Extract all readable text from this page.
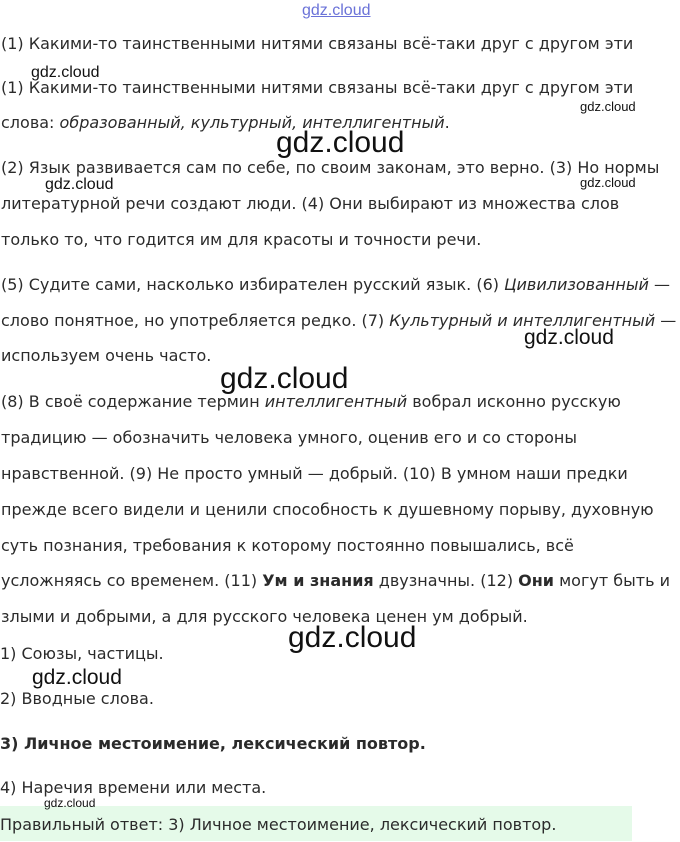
gdz.cloud
gdz.cloud
gdz.cloud
gdz.cloud
gdz.cloud	gdz.cloud
gdz.cloud
gdz.cloud
gdz.cloud
gdz.cloud
(1) Какими-то таинственными нитями связаны всё-таки друг с другом эти
(1) Какими-то таинственными нитями связаны всё-таки друг с другом эти
слова: образованный, культурный, интеллигентный.
(2) Язык развивается сам по себе, по своим законам, это верно. (3) Но нормы
литературной речи создают люди. (4) Они выбирают из множества слов
только то, что годится им для красоты и точности речи.
(5) Судите сами, насколько избирателен русский язык. (6) Цивилизованный —
слово понятное, но употребляется редко. (7) Культурный и интеллигентный —
используем очень часто.
(8) В своё содержание термин интеллигентный вобрал исконно русскую
традицию — обозначить человека умного, оценив его и со стороны
нравственной. (9) Не просто умный — добрый. (10) В умном наши предки
прежде всего видели и ценили способность к душевному порыву, духовную
суть познания, требования к которому постоянно повышались, всё
усложняясь со временем. (11) Ум и знания двузначны. (12) Они могут быть и
злыми и добрыми, а для русского человека ценен ум добрый.
1) Союзы, частицы.
2) Вводные слова.
3) Личное местоимение, лексический повтор.
4) Наречия времени или места.
Правильный ответ: 3) Личное местоимение, лексический повтор.
gdz.cloud
